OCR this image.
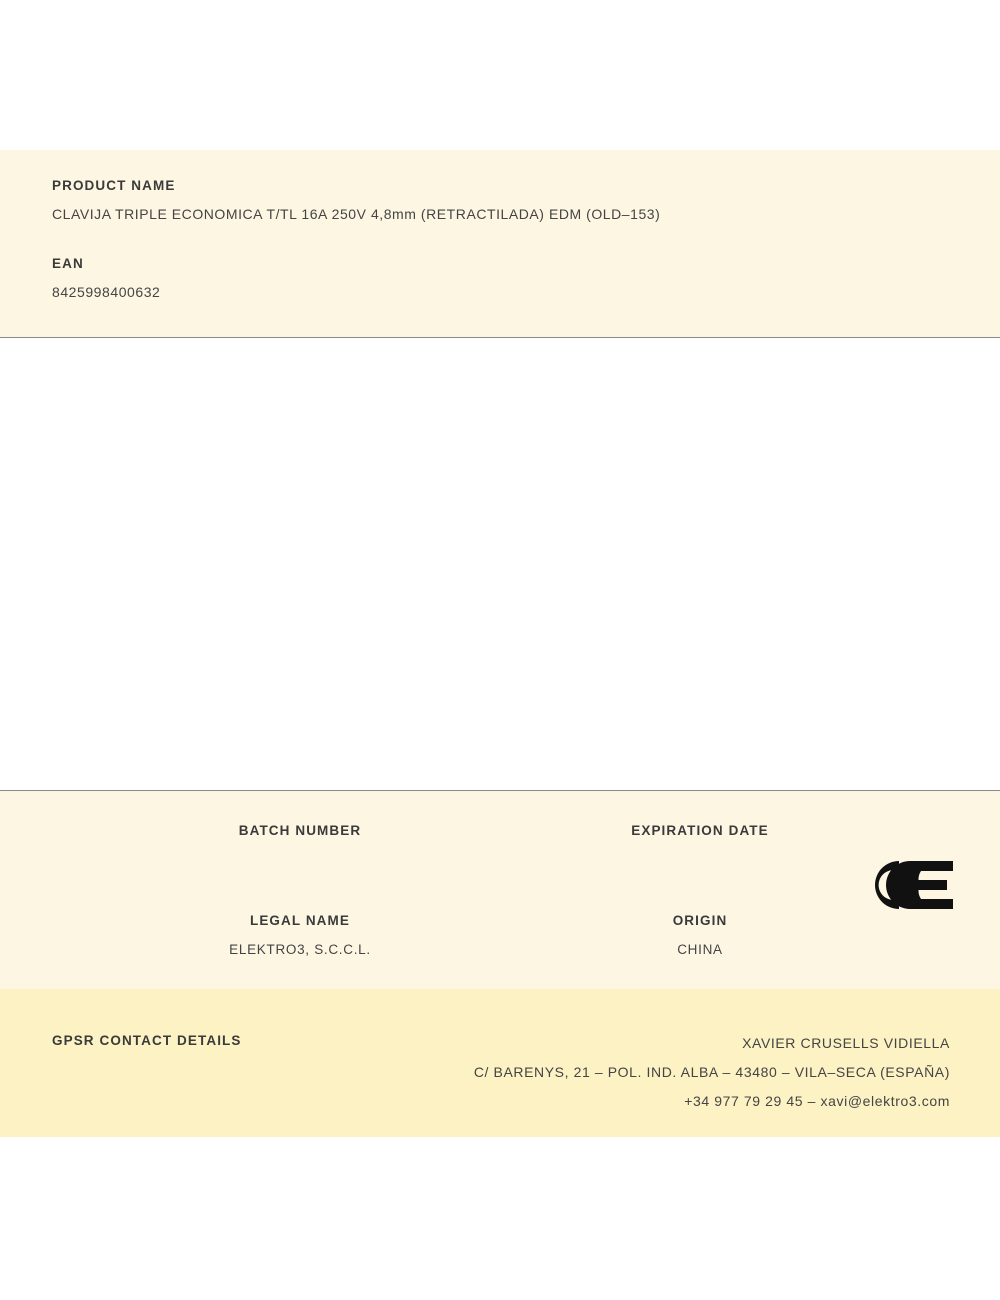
PRODUCT NAME
CLAVIJA TRIPLE ECONOMICA T/TL 16A 250V 4,8mm (RETRACTILADA) EDM (OLD–153)
EAN
8425998400632
BATCH NUMBER	EXPIRATION DATE
LEGAL NAME
ELEKTRO3, S.C.C.L.
ORIGIN
CHINA
GPSR CONTACT DETAILS	XAVIER CRUSELLS VIDIELLA
C/ BARENYS, 21 – POL. IND. ALBA – 43480 – VILA–SECA (ESPAÑA)
+34 977 79 29 45 – xavi@elektro3.com
